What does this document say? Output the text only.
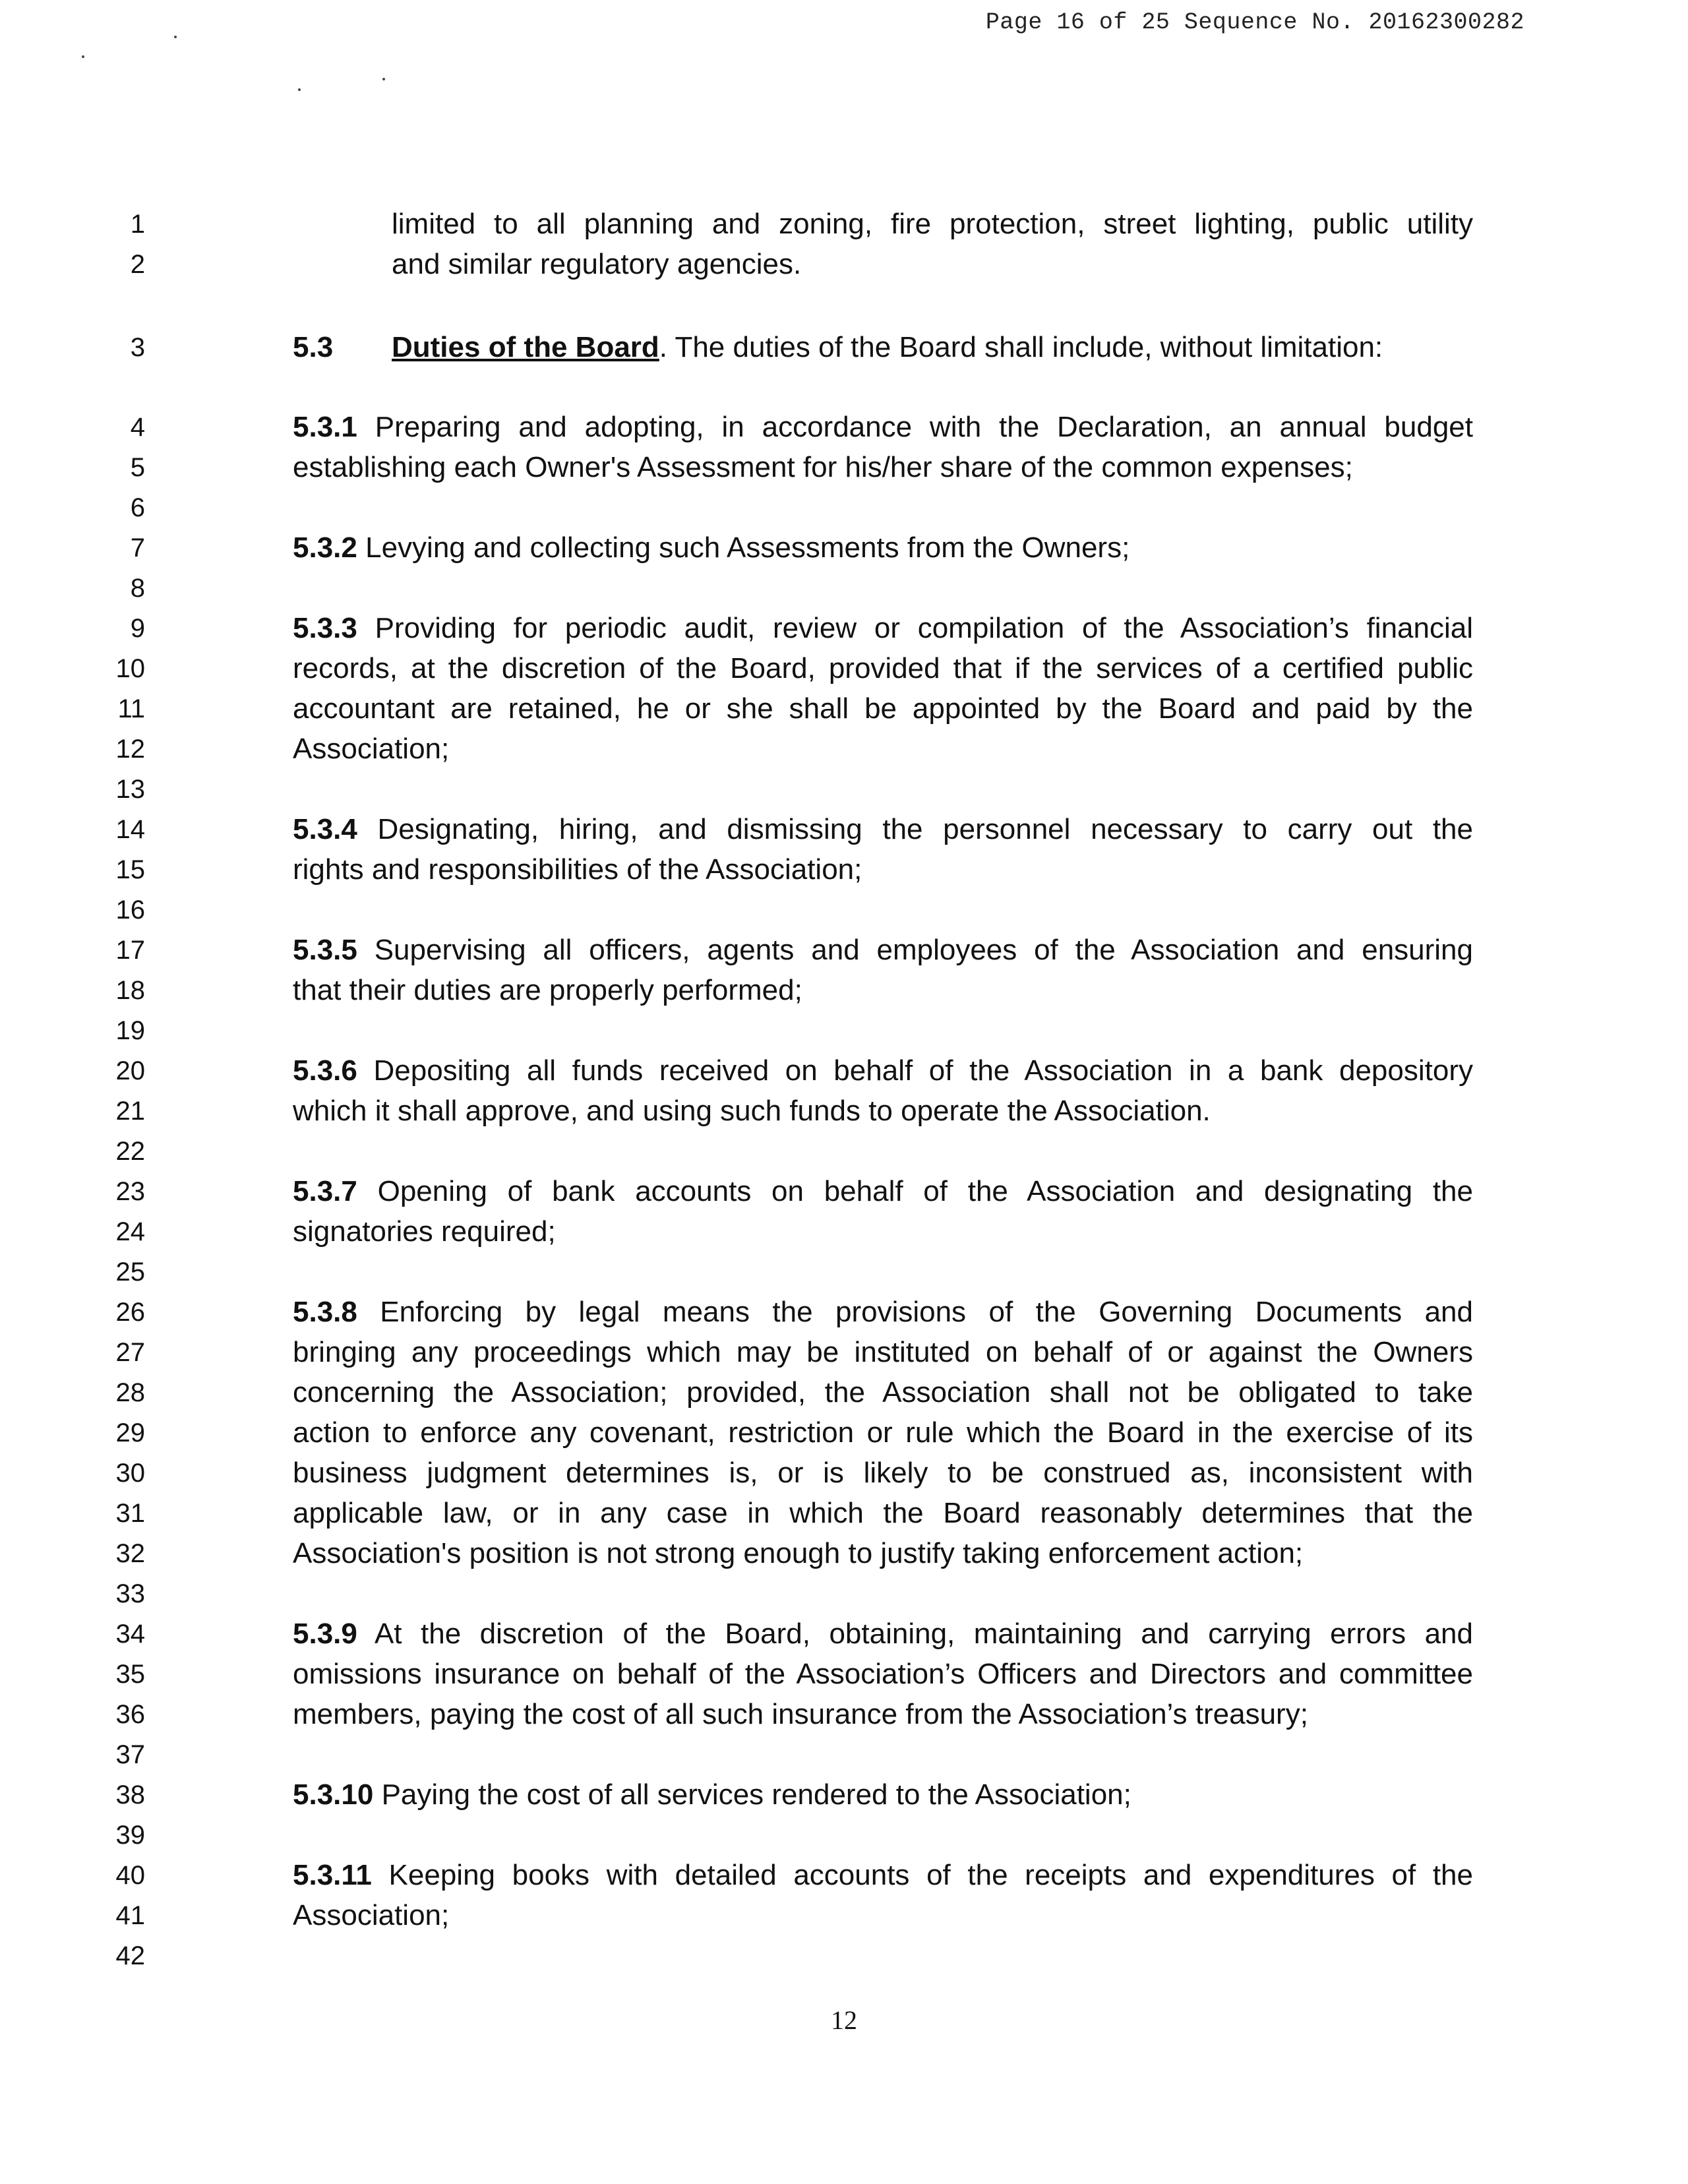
Page 16 of 25 Sequence No. 20162300282
1	limited to all planning and zoning, fire protection, street lighting, public utility
2	and similar regulatory agencies.
3	5.3 Duties of the Board. The duties of the Board shall include, without limitation:
4	5.3.1 Preparing and adopting, in accordance with the Declaration, an annual budget
5	establishing each Owner's Assessment for his/her share of the common expenses;
6
7	5.3.2 Levying and collecting such Assessments from the Owners;
8
9	5.3.3 Providing for periodic audit, review or compilation of the Association’s financial
10	records, at the discretion of the Board, provided that if the services of a certified public
11	accountant are retained, he or she shall be appointed by the Board and paid by the
12	Association;
13
14	5.3.4 Designating, hiring, and dismissing the personnel necessary to carry out the
15	rights and responsibilities of the Association;
16
17	5.3.5 Supervising all officers, agents and employees of the Association and ensuring
18	that their duties are properly performed;
19
20	5.3.6 Depositing all funds received on behalf of the Association in a bank depository
21	which it shall approve, and using such funds to operate the Association.
22
23	5.3.7 Opening of bank accounts on behalf of the Association and designating the
24	signatories required;
25
26	5.3.8 Enforcing by legal means the provisions of the Governing Documents and
27	bringing any proceedings which may be instituted on behalf of or against the Owners
28	concerning the Association; provided, the Association shall not be obligated to take
29	action to enforce any covenant, restriction or rule which the Board in the exercise of its
30	business judgment determines is, or is likely to be construed as, inconsistent with
31	applicable law, or in any case in which the Board reasonably determines that the
32	Association's position is not strong enough to justify taking enforcement action;
33
34	5.3.9 At the discretion of the Board, obtaining, maintaining and carrying errors and
35	omissions insurance on behalf of the Association’s Officers and Directors and committee
36	members, paying the cost of all such insurance from the Association’s treasury;
37
38	5.3.10 Paying the cost of all services rendered to the Association;
39
40	5.3.11 Keeping books with detailed accounts of the receipts and expenditures of the
41	Association;
42
12
